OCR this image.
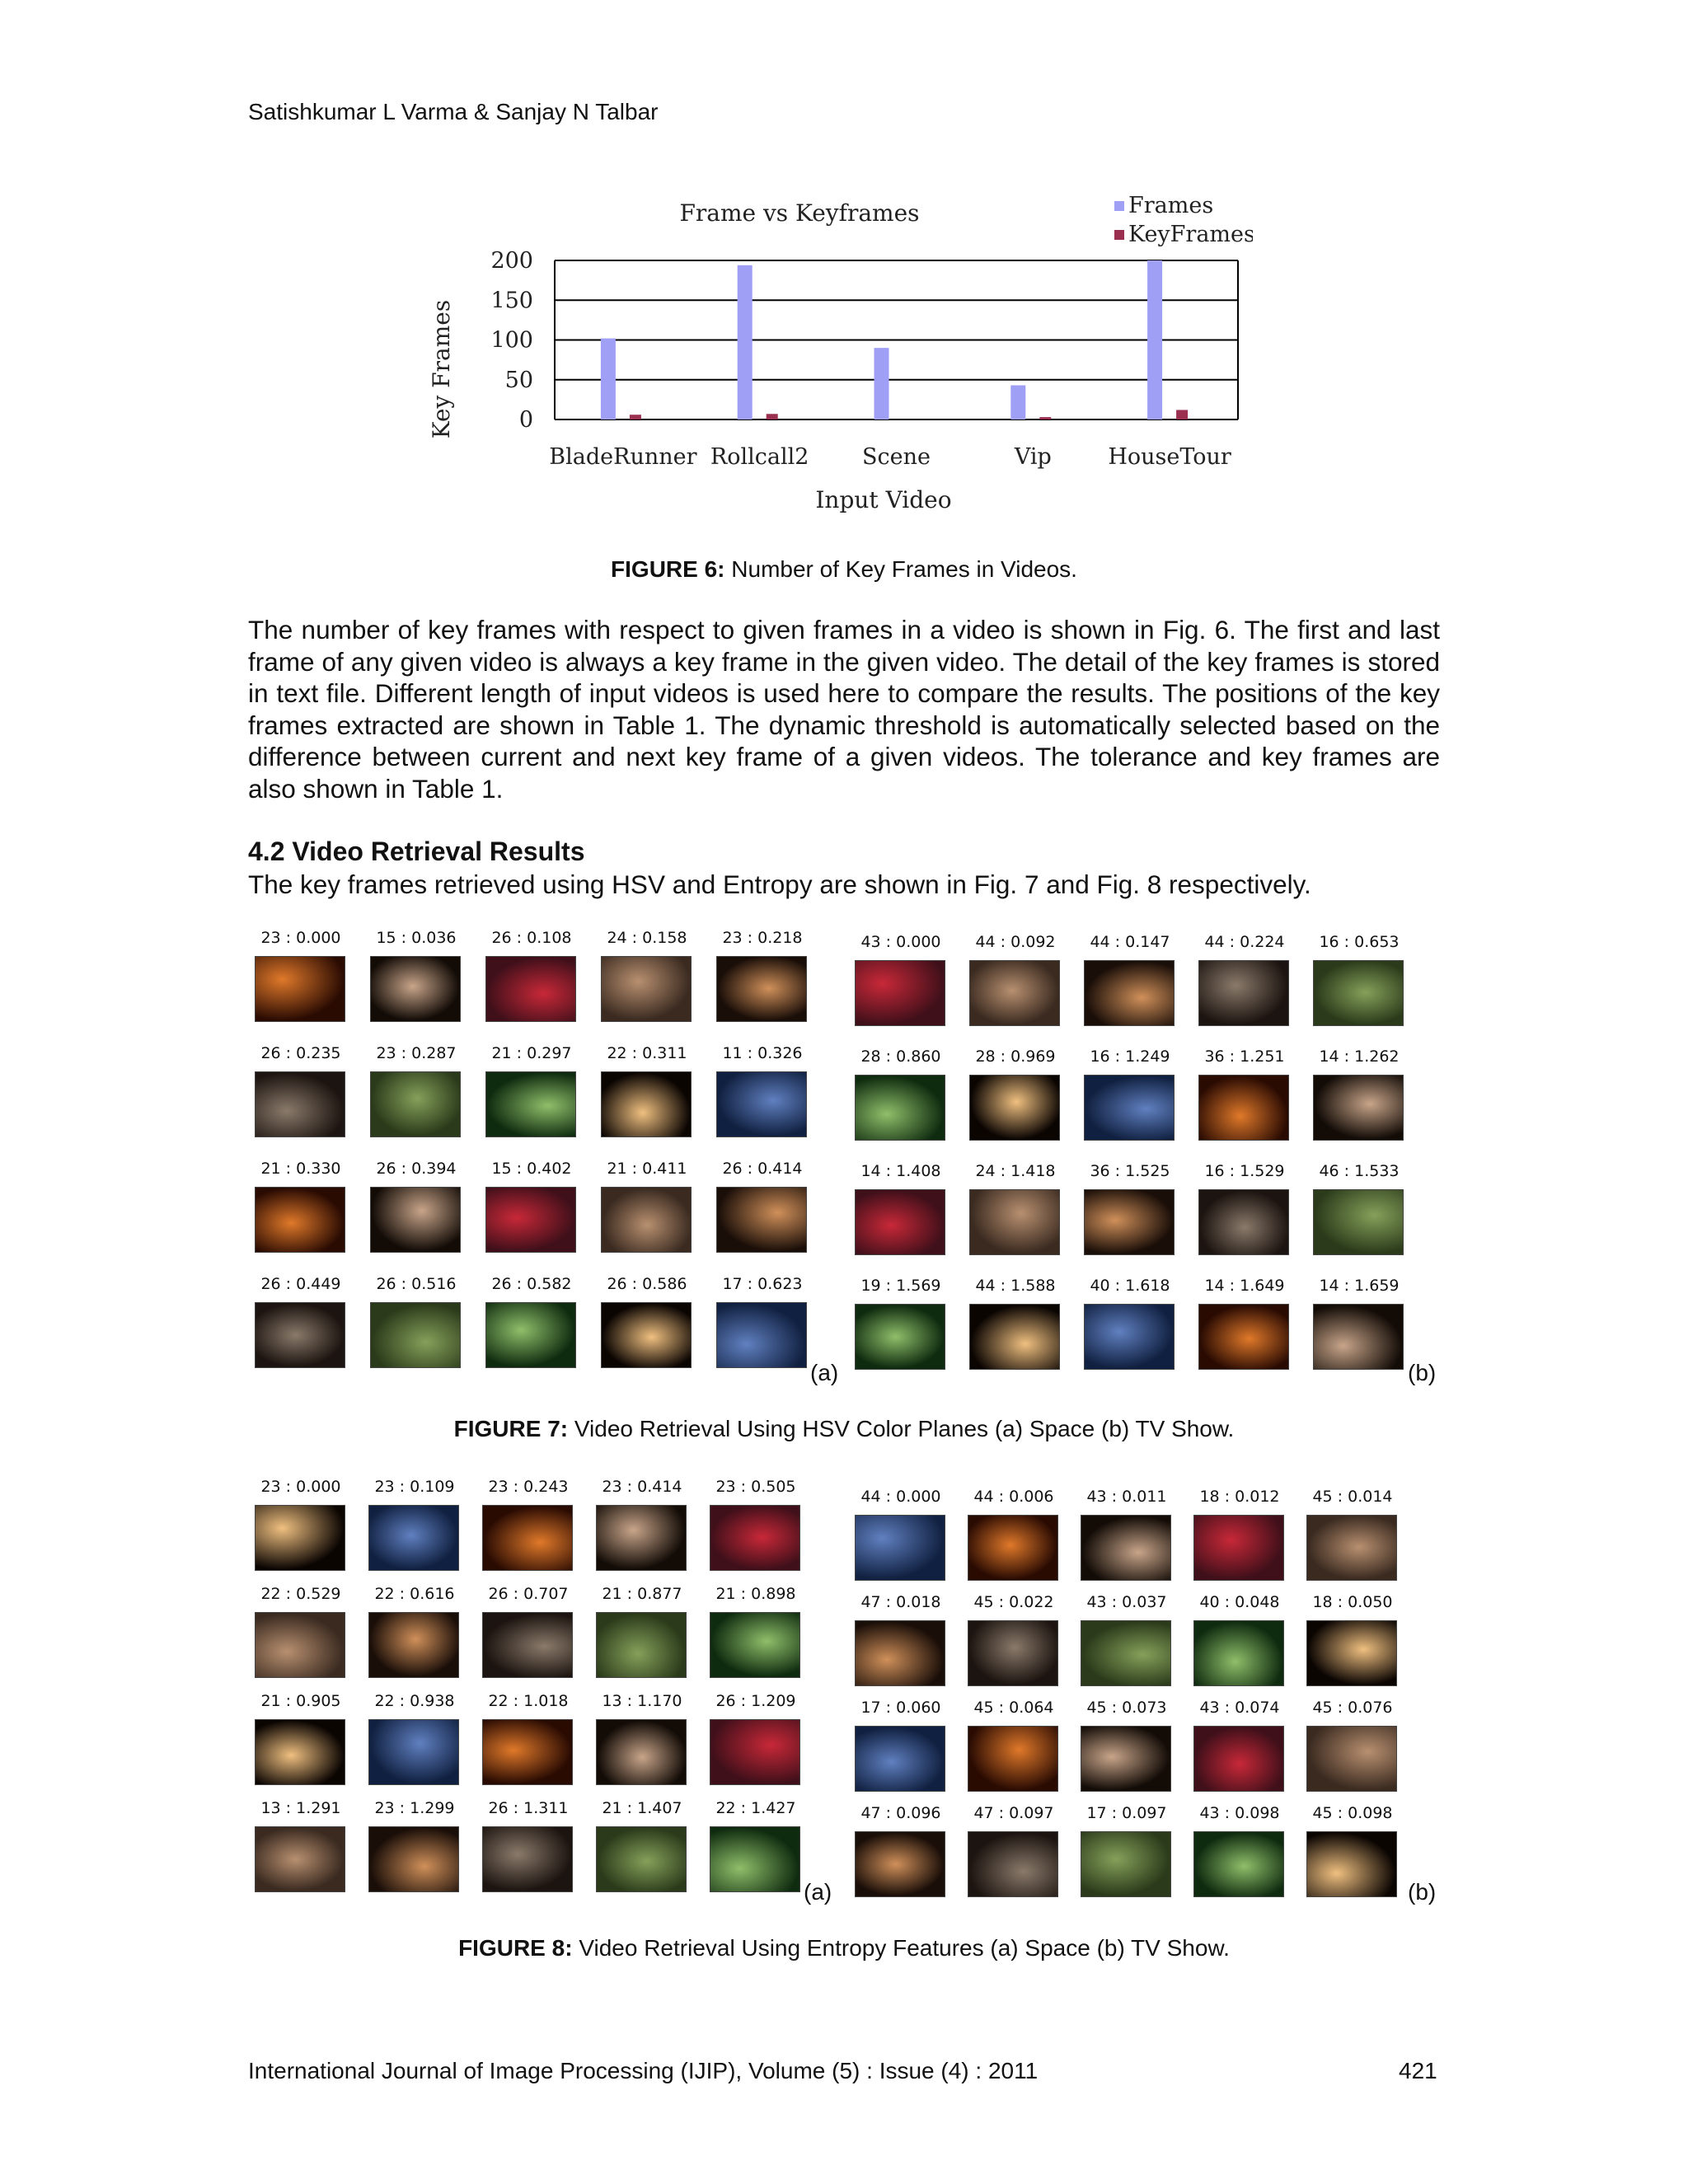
Satishkumar L Varma & Sanjay N Talbar
Frame vs Keyframes
0
50
100
150
200
BladeRunner Rollcall2 Scene	Vip	HouseTour
Input Video
Key Frames
Frames
KeyFrames
FIGURE 6: Number of Key Frames in Videos.
The number of key frames with respect to given frames in a video is shown in Fig. 6. The first and last frame of any given video is always a key frame in the given video. The detail of the key frames is stored in text file. Different length of input videos is used here to compare the results. The positions of the key frames extracted are shown in Table 1. The dynamic threshold is automatically selected based on the difference between current and next key frame of a given videos. The tolerance and key frames are also shown in Table 1.
4.2 Video Retrieval Results
The key frames retrieved using HSV and Entropy are shown in Fig. 7 and Fig. 8 respectively.
23 : 0.000	15 : 0.036	26 : 0.108	24 : 0.158	23 : 0.218
26 : 0.235	23 : 0.287	21 : 0.297	22 : 0.311	11 : 0.326
21 : 0.330	26 : 0.394	15 : 0.402	21 : 0.411	26 : 0.414
26 : 0.449	26 : 0.516	26 : 0.582	26 : 0.586	17 : 0.623
(a)
43 : 0.000	44 : 0.092	44 : 0.147	44 : 0.224	16 : 0.653
28 : 0.860	28 : 0.969	16 : 1.249	36 : 1.251	14 : 1.262
14 : 1.408	24 : 1.418	36 : 1.525	16 : 1.529	46 : 1.533
19 : 1.569	44 : 1.588	40 : 1.618	14 : 1.649	14 : 1.659
(b)
FIGURE 7: Video Retrieval Using HSV Color Planes (a) Space (b) TV Show.
23 : 0.000	23 : 0.109	23 : 0.243	23 : 0.414	23 : 0.505
22 : 0.529	22 : 0.616	26 : 0.707	21 : 0.877	21 : 0.898
21 : 0.905	22 : 0.938	22 : 1.018	13 : 1.170	26 : 1.209
13 : 1.291	23 : 1.299	26 : 1.311	21 : 1.407	22 : 1.427
(a)
44 : 0.000	44 : 0.006	43 : 0.011	18 : 0.012	45 : 0.014
47 : 0.018	45 : 0.022	43 : 0.037	40 : 0.048	18 : 0.050
17 : 0.060	45 : 0.064	45 : 0.073	43 : 0.074	45 : 0.076
47 : 0.096	47 : 0.097	17 : 0.097	43 : 0.098	45 : 0.098
(b)
FIGURE 8: Video Retrieval Using Entropy Features (a) Space (b) TV Show.
International Journal of Image Processing (IJIP), Volume (5) : Issue (4) : 2011	421
